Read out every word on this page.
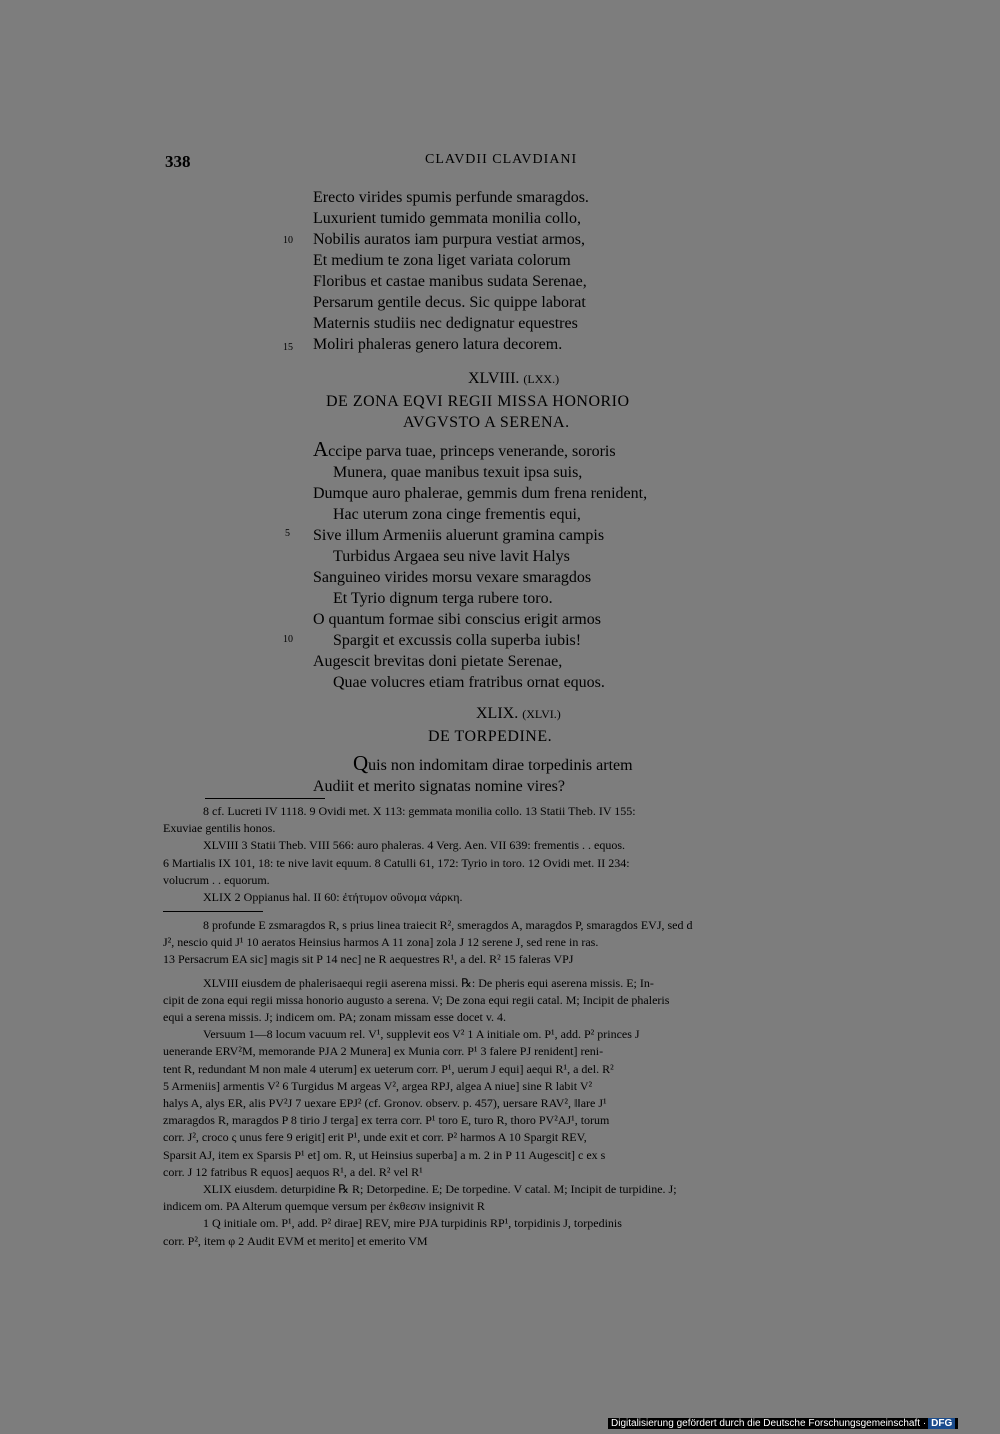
338	CLAVDII CLAVDIANI
Erecto virides spumis perfunde smaragdos.
Luxurient tumido gemmata monilia collo,
Nobilis auratos iam purpura vestiat armos,
Et medium te zona liget variata colorum
Floribus et castae manibus sudata Serenae,
Persarum gentile decus. Sic quippe laborat
Maternis studiis nec dedignatur equestres
Moliri phaleras genero latura decorem.
10
15
XLVIII. (LXX.)
DE ZONA EQVI REGII MISSA HONORIO
AVGVSTO A SERENA.
Accipe parva tuae, princeps venerande, sororis
Munera, quae manibus texuit ipsa suis,
Dumque auro phalerae, gemmis dum frena renident,
Hac uterum zona cinge frementis equi,
Sive illum Armeniis aluerunt gramina campis
Turbidus Argaea seu nive lavit Halys
Sanguineo virides morsu vexare smaragdos
Et Tyrio dignum terga rubere toro.
O quantum formae sibi conscius erigit armos
Spargit et excussis colla superba iubis!
Augescit brevitas doni pietate Serenae,
Quae volucres etiam fratribus ornat equos.
5
10
XLIX. (XLVI.)
DE TORPEDINE.
Quis non indomitam dirae torpedinis artem
Audiit et merito signatas nomine vires?

8 cf. Lucreti IV 1118. 9 Ovidi met. X 113: gemmata monilia collo. 13 Statii Theb. IV 155:

Exuviae gentilis honos.

XLVIII 3 Statii Theb. VIII 566: auro phaleras. 4 Verg. Aen. VII 639: frementis . . equos.

6 Martialis IX 101, 18: te nive lavit equum. 8 Catulli 61, 172: Tyrio in toro. 12 Ovidi met. II 234:

volucrum . . equorum.

XLIX 2 Oppianus hal. II 60: ἐτήτυμον οὔνομα νάρκη.

8 profunde E zsmaragdos R, s prius linea traiecit R², smeragdos A, maragdos P, smaragdos EVJ, sed d

J², nescio quid J¹ 10 aeratos Heinsius harmos A 11 zona] zola J 12 serene J, sed rene in ras.

13 Persacrum EA sic] magis sit P 14 nec] ne R aequestres R¹, a del. R² 15 faleras VPJ

XLVIII eiusdem de phalerisaequi regii aserena missi. ℞: De pheris equi aserena missis. E; In-

cipit de zona equi regii missa honorio augusto a serena. V; De zona equi regii catal. M; Incipit de phaleris

equi a serena missis. J; indicem om. PA; zonam missam esse docet v. 4.

Versuum 1—8 locum vacuum rel. V¹, supplevit eos V² 1 A initiale om. P¹, add. P² princes J

uenerande ERV²M, memorande PJA 2 Munera] ex Munia corr. P¹ 3 falere PJ renident] reni-

tent R, redundant M non male 4 uterum] ex ueterum corr. P¹, uerum J equi] aequi R¹, a del. R²

5 Armeniis] armentis V² 6 Turgidus M argeas V², argea RPJ, algea A niue] sine R labit V²

halys A, alys ER, alis PV²J 7 uexare EPJ² (cf. Gronov. observ. p. 457), uersare RAV², ‖‖are J¹

zmaragdos R, maragdos P 8 tirio J terga] ex terra corr. P¹ toro E, turo R, thoro PV²AJ¹, torum

corr. J², croco ς unus fere 9 erigit] erit P¹, unde exit et corr. P² harmos A 10 Spargit REV,

Sparsit AJ, item ex Sparsis P¹ et] om. R, ut Heinsius superba] a m. 2 in P 11 Augescit] c ex s

corr. J 12 fatribus R equos] aequos R¹, a del. R² vel R¹

XLIX eiusdem. deturpidine ℞ R; Detorpedine. E; De torpedine. V catal. M; Incipit de turpidine. J;

indicem om. PA Alterum quemque versum per ἐκθεσιν insignivit R

1 Q initiale om. P¹, add. P² dirae] REV, mire PJA turpidinis RP¹, torpidinis J, torpedinis

corr. P², item φ 2 Audit EVM et merito] et emerito VM

Digitalisierung gefördert durch die Deutsche Forschungsgemeinschaft · DFG
